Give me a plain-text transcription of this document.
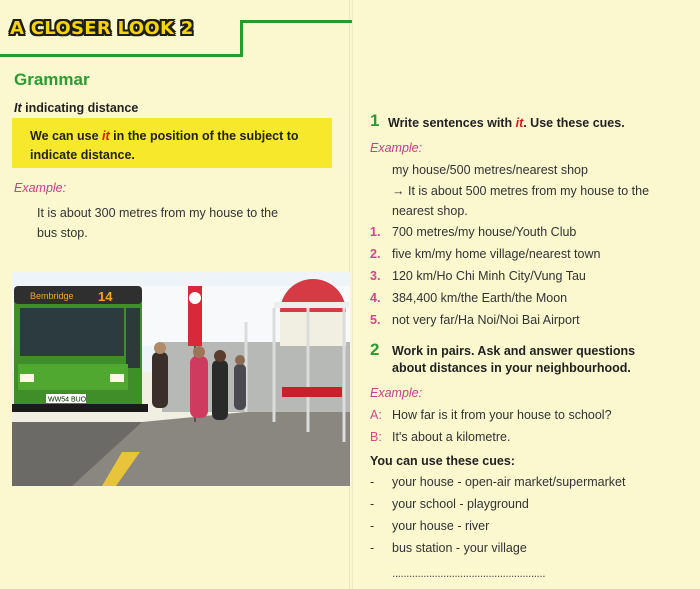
A CLOSER LOOK 2
Grammar
It indicating distance
We can use it in the position of the subject to indicate distance.
Example:
It is about 300 metres from my house to the
bus stop.
Bembridge 14
WW54 BUO
1 Write sentences with it. Use these cues.
Example:
my house/500 metres/nearest shop
→ It is about 500 metres from my house to the
nearest shop.
1. 700 metres/my house/Youth Club
2. five km/my home village/nearest town
3. 120 km/Ho Chi Minh City/Vung Tau
4. 384,400 km/the Earth/the Moon
5. not very far/Ha Noi/Noi Bai Airport
2 Work in pairs. Ask and answer questions
about distances in your neighbourhood.
Example:
A: How far is it from your house to school?
B: It's about a kilometre.
You can use these cues:
- your house - open-air market/supermarket
- your school - playground
- your house - river
- bus station - your village
......................................................
